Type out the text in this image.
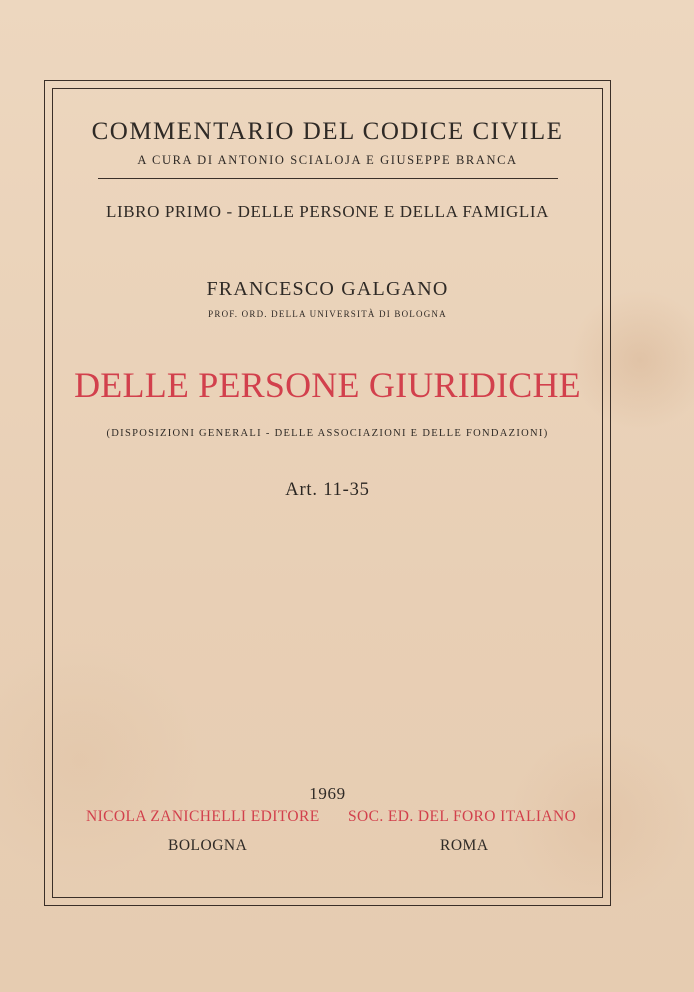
COMMENTARIO DEL CODICE CIVILE
A CURA DI ANTONIO SCIALOJA E GIUSEPPE BRANCA
LIBRO PRIMO - DELLE PERSONE E DELLA FAMIGLIA
FRANCESCO GALGANO
PROF. ORD. DELLA UNIVERSITÀ DI BOLOGNA
DELLE PERSONE GIURIDICHE
(DISPOSIZIONI GENERALI - DELLE ASSOCIAZIONI E DELLE FONDAZIONI)
Art. 11-35
1969
NICOLA ZANICHELLI EDITORE SOC. ED. DEL FORO ITALIANO
BOLOGNA	ROMA
